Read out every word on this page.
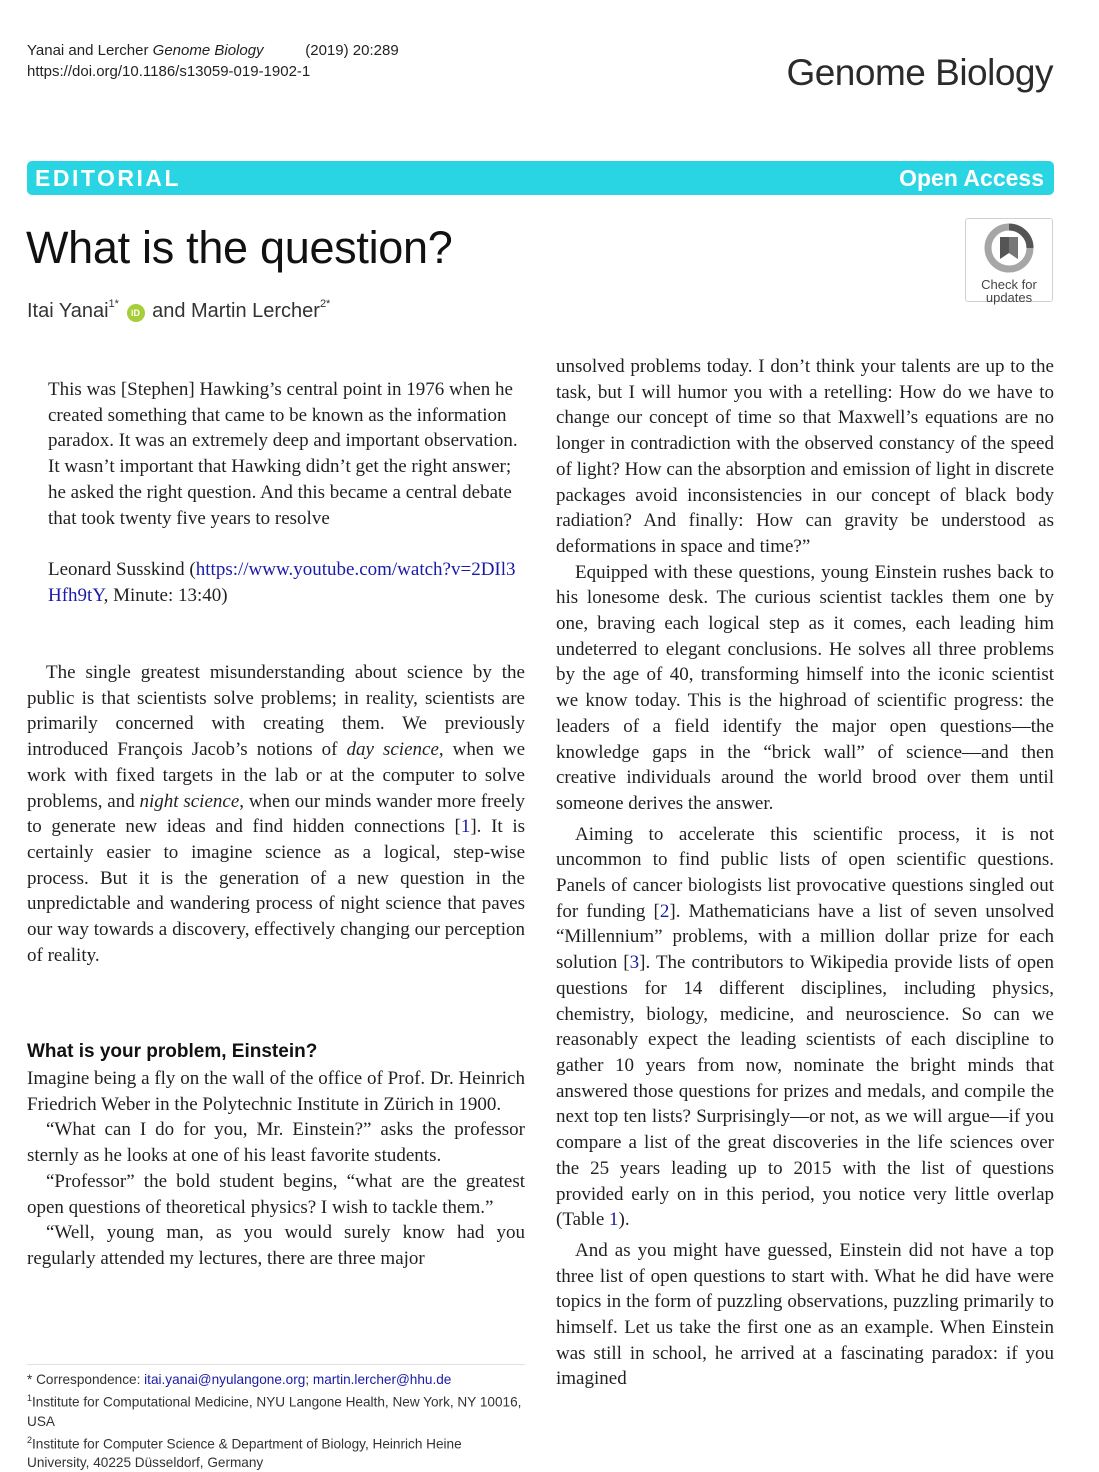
Yanai and Lercher Genome Biology	(2019) 20:289
https://doi.org/10.1186/s13059-019-1902-1	Genome Biology
EDITORIAL	Open Access
What is the question?
Itai Yanai$^{1*}$ iD and Martin Lercher$^{2*}$
Check for
updates

This was [Stephen] Hawking’s central point in 1976 when he created something that came to be known as the information paradox. It was an extremely deep and important observation. It wasn’t important that Hawking didn’t get the right answer; he asked the right question. And this became a central debate that took twenty five years to resolve

Leonard Susskind (https://www.youtube.com/watch?v=2DIl3Hfh9tY, Minute: 13:40)

The single greatest misunderstanding about science by the public is that scientists solve problems; in reality, scientists are primarily concerned with creating them. We previously introduced François Jacob’s notions of day science, when we work with fixed targets in the lab or at the computer to solve problems, and night science, when our minds wander more freely to generate new ideas and find hidden connections [1]. It is certainly easier to imagine science as a logical, step-wise process. But it is the generation of a new question in the unpredictable and wandering process of night science that paves our way towards a discovery, effectively changing our perception of reality.

What is your problem, Einstein?

Imagine being a fly on the wall of the office of Prof. Dr. Heinrich Friedrich Weber in the Polytechnic Institute in Zürich in 1900.

“What can I do for you, Mr. Einstein?” asks the professor sternly as he looks at one of his least favorite students.

“Professor” the bold student begins, “what are the greatest open questions of theoretical physics? I wish to tackle them.”

“Well, young man, as you would surely know had you regularly attended my lectures, there are three major

unsolved problems today. I don’t think your talents are up to the task, but I will humor you with a retelling: How do we have to change our concept of time so that Maxwell’s equations are no longer in contradiction with the observed constancy of the speed of light? How can the absorption and emission of light in discrete packages avoid inconsistencies in our concept of black body radiation? And finally: How can gravity be understood as deformations in space and time?”

Equipped with these questions, young Einstein rushes back to his lonesome desk. The curious scientist tackles them one by one, braving each logical step as it comes, each leading him undeterred to elegant conclusions. He solves all three problems by the age of 40, transforming himself into the iconic scientist we know today. This is the highroad of scientific progress: the leaders of a field identify the major open questions—the knowledge gaps in the “brick wall” of science—and then creative individuals around the world brood over them until someone derives the answer.

Aiming to accelerate this scientific process, it is not uncommon to find public lists of open scientific questions. Panels of cancer biologists list provocative questions singled out for funding [2]. Mathematicians have a list of seven unsolved “Millennium” problems, with a million dollar prize for each solution [3]. The contributors to Wikipedia provide lists of open questions for 14 different disciplines, including physics, chemistry, biology, medicine, and neuroscience. So can we reasonably expect the leading scientists of each discipline to gather 10 years from now, nominate the bright minds that answered those questions for prizes and medals, and compile the next top ten lists? Surprisingly—or not, as we will argue—if you compare a list of the great discoveries in the life sciences over the 25 years leading up to 2015 with the list of questions provided early on in this period, you notice very little overlap (Table 1).

And as you might have guessed, Einstein did not have a top three list of open questions to start with. What he did have were topics in the form of puzzling observations, puzzling primarily to himself. Let us take the first one as an example. When Einstein was still in school, he arrived at a fascinating paradox: if you imagined

* Correspondence: itai.yanai@nyulangone.org; martin.lercher@hhu.de

$^1$Institute for Computational Medicine, NYU Langone Health, New York, NY 10016, USA

$^2$Institute for Computer Science & Department of Biology, Heinrich Heine University, 40225 Düsseldorf, Germany
